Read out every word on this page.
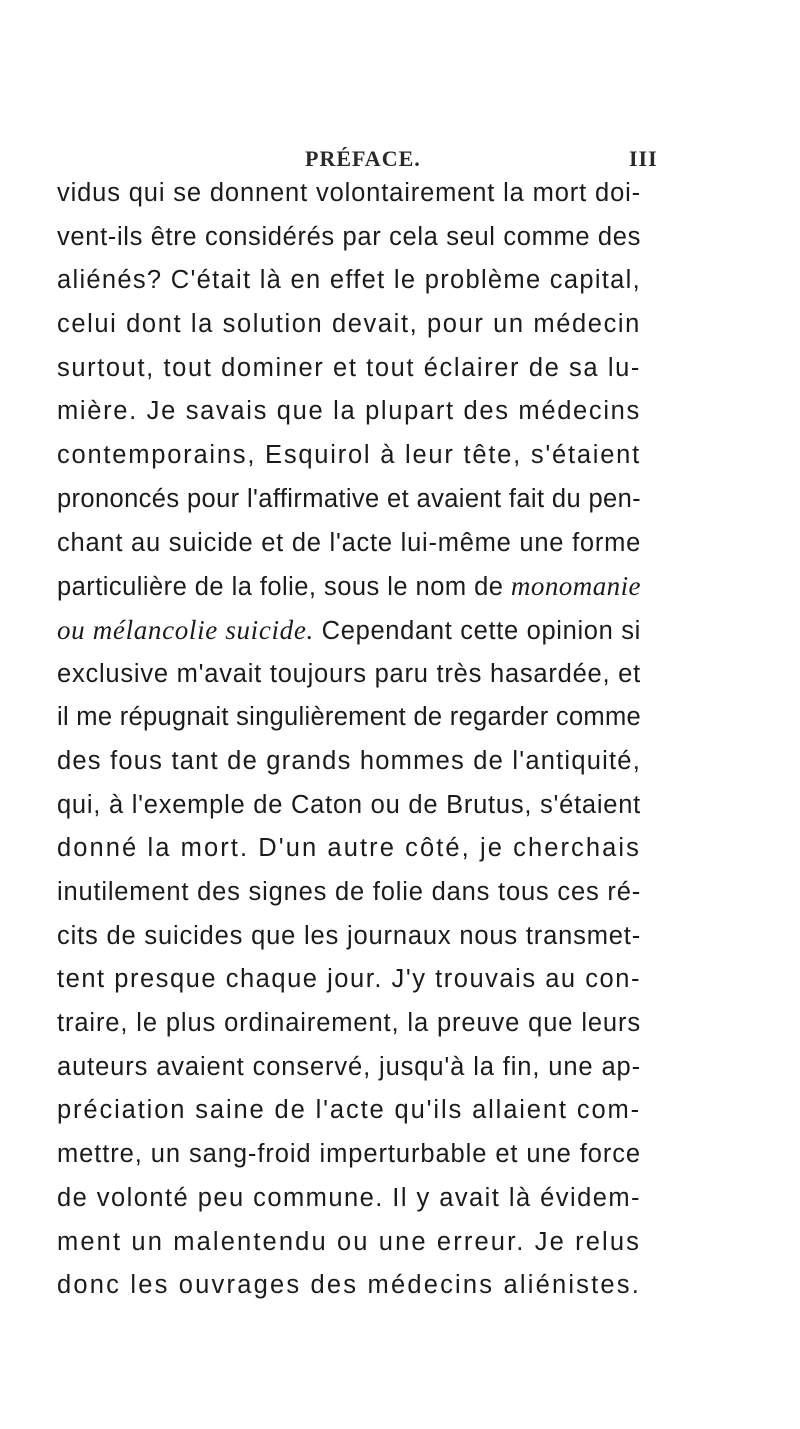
PRÉFACE.	III
vidus qui se donnent volontairement la mort doi-
vent-ils être considérés par cela seul comme des
aliénés? C'était là en effet le problème capital,
celui dont la solution devait, pour un médecin
surtout, tout dominer et tout éclairer de sa lu-
mière. Je savais que la plupart des médecins
contemporains, Esquirol à leur tête, s'étaient
prononcés pour l'affirmative et avaient fait du pen-
chant au suicide et de l'acte lui-même une forme
particulière de la folie, sous le nom de monomanie
ou mélancolie suicide. Cependant cette opinion si
exclusive m'avait toujours paru très hasardée, et
il me répugnait singulièrement de regarder comme
des fous tant de grands hommes de l'antiquité,
qui, à l'exemple de Caton ou de Brutus, s'étaient
donné la mort. D'un autre côté, je cherchais
inutilement des signes de folie dans tous ces ré-
cits de suicides que les journaux nous transmet-
tent presque chaque jour. J'y trouvais au con-
traire, le plus ordinairement, la preuve que leurs
auteurs avaient conservé, jusqu'à la fin, une ap-
préciation saine de l'acte qu'ils allaient com-
mettre, un sang-froid imperturbable et une force
de volonté peu commune. Il y avait là évidem-
ment un malentendu ou une erreur. Je relus
donc les ouvrages des médecins aliénistes.
